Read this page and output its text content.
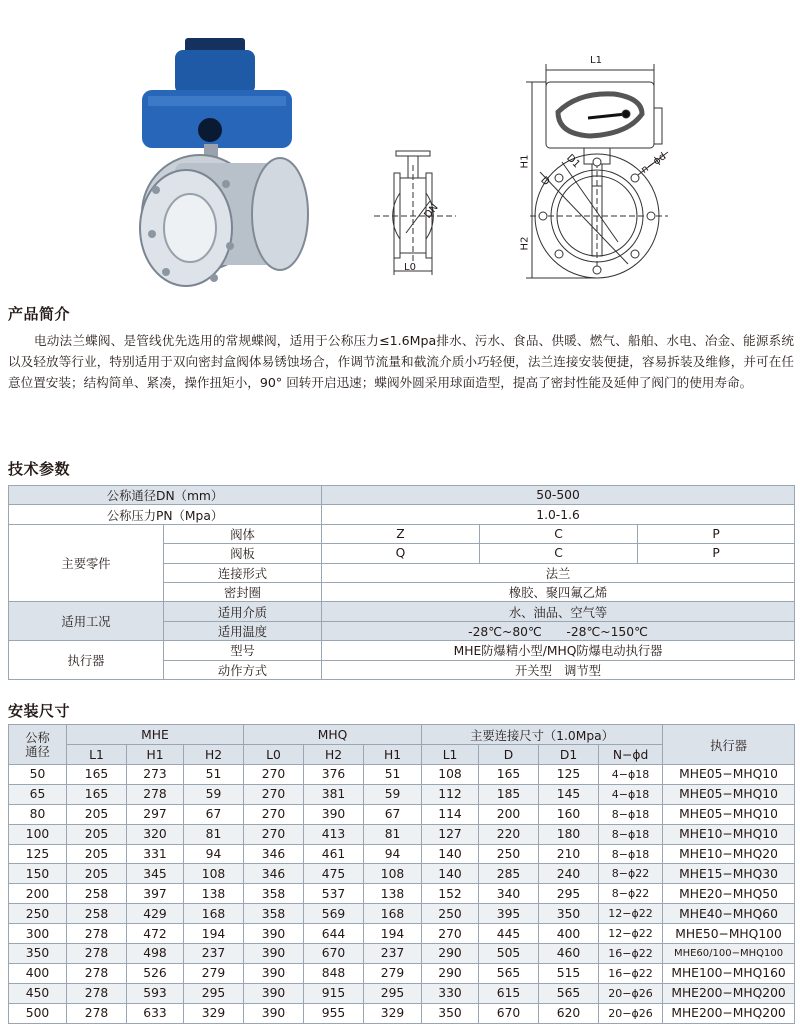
DN
L0
L1
H1
H2
D1
D
n−ϕd
产品简介
电动法兰蝶阀、是管线优先选用的常规蝶阀，适用于公称压力≤1.6Mpa排水、污水、食品、供暖、燃气、船舶、水电、冶金、能源系统以及轻放等行业，特别适用于双向密封盒阀体易锈蚀场合，作调节流量和截流介质小巧轻便，法兰连接安装便捷，容易拆装及维修，并可在任意位置安装；结构简单、紧凑，操作扭矩小，90° 回转开启迅速；蝶阀外圆采用球面造型，提高了密封性能及延伸了阀门的使用寿命。
技术参数
公称通径DN（mm）		50-500		
公称压力PN（Mpa）		1.0-1.6		
主要零件	阀体	Z	C	P
	阀板	Q	C	P
	连接形式	法兰		
	密封圈	橡胶、聚四氟乙烯		
适用工况	适用介质	水、油品、空气等		
	适用温度	-28℃~80℃　　-28℃~150℃		
执行器	型号	MHE防爆精小型/MHQ防爆电动执行器		
	动作方式	开关型　调节型		
安装尺寸
公称通径	MHE			MHQ			主要连接尺寸（1.0Mpa）				执行器
	L1	H1	H2	L0	H2	H1	L1	D	D1	N−ϕd	
50	165	273	51	270	376	51	108	165	125	4−ϕ18	MHE05−MHQ10
65	165	278	59	270	381	59	112	185	145	4−ϕ18	MHE05−MHQ10
80	205	297	67	270	390	67	114	200	160	8−ϕ18	MHE05−MHQ10
100	205	320	81	270	413	81	127	220	180	8−ϕ18	MHE10−MHQ10
125	205	331	94	346	461	94	140	250	210	8−ϕ18	MHE10−MHQ20
150	205	345	108	346	475	108	140	285	240	8−ϕ22	MHE15−MHQ30
200	258	397	138	358	537	138	152	340	295	8−ϕ22	MHE20−MHQ50
250	258	429	168	358	569	168	250	395	350	12−ϕ22	MHE40−MHQ60
300	278	472	194	390	644	194	270	445	400	12−ϕ22	MHE50−MHQ100
350	278	498	237	390	670	237	290	505	460	16−ϕ22	MHE60/100−MHQ100
400	278	526	279	390	848	279	290	565	515	16−ϕ22	MHE100−MHQ160
450	278	593	295	390	915	295	330	615	565	20−ϕ26	MHE200−MHQ200
500	278	633	329	390	955	329	350	670	620	20−ϕ26	MHE200−MHQ200
